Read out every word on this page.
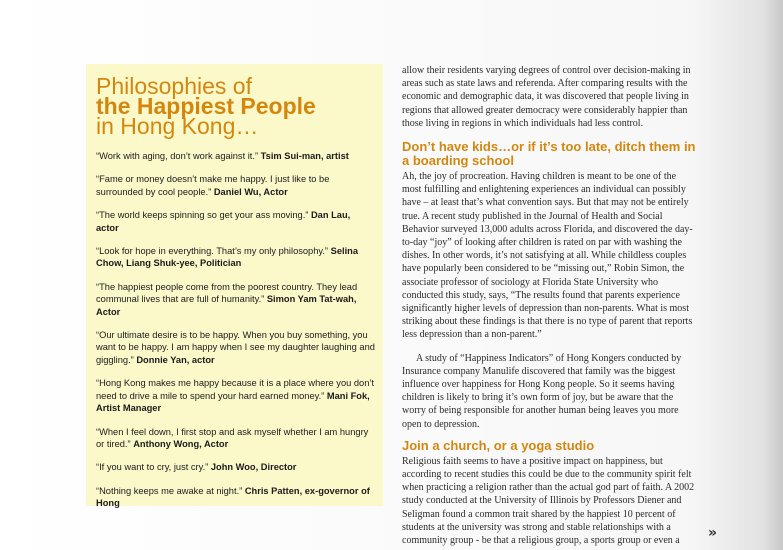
Philosophies of
the Happiest People
in Hong Kong…
“Work with aging, don’t work against it.” Tsim Sui-man, artist
“Fame or money doesn’t make me happy. I just like to be surrounded by cool people.” Daniel Wu, Actor
“The world keeps spinning so get your ass moving.” Dan Lau, actor
“Look for hope in everything. That’s my only philosophy.” Selina Chow, Liang Shuk-yee, Politician
“The happiest people come from the poorest country. They lead communal lives that are full of humanity.” Simon Yam Tat-wah, Actor
“Our ultimate desire is to be happy. When you buy something, you want to be happy. I am happy when I see my daughter laughing and giggling.” Donnie Yan, actor
“Hong Kong makes me happy because it is a place where you don’t need to drive a mile to spend your hard earned money.” Mani Fok, Artist Manager
“When I feel down, I first stop and ask myself whether I am hungry or tired.” Anthony Wong, Actor
“If you want to cry, just cry.” John Woo, Director
“Nothing keeps me awake at night.” Chris Patten, ex-governor of Hong

allow their residents varying degrees of control over decision-making in areas such as state laws and referenda. After comparing results with the economic and demographic data, it was discovered that people living in regions that allowed greater democracy were considerably happier than those living in regions in which individuals had less control.

Don’t have kids…or if it’s too late, ditch them in a boarding school

Ah, the joy of procreation. Having children is meant to be one of the most fulfilling and enlightening experiences an individual can possibly have – at least that’s what convention says. But that may not be entirely true. A recent study published in the Journal of Health and Social Behavior surveyed 13,000 adults across Florida, and discovered the day-to-day “joy” of looking after children is rated on par with washing the dishes. In other words, it’s not satisfying at all. While childless couples have popularly been considered to be “missing out,” Robin Simon, the associate professor of sociology at Florida State University who conducted this study, says, “The results found that parents experience significantly higher levels of depression than non-parents. What is most striking about these findings is that there is no type of parent that reports less depression than a non-parent.”

A study of “Happiness Indicators” of Hong Kongers conducted by Insurance company Manulife discovered that family was the biggest influence over happiness for Hong Kong people. So it seems having children is likely to bring it’s own form of joy, but be aware that the worry of being responsible for another human being leaves you more open to depression.

Join a church, or a yoga studio

Religious faith seems to have a positive impact on happiness, but according to recent studies this could be due to the community spirit felt when practicing a religion rather than the actual god part of faith. A 2002 study conducted at the University of Illinois by Professors Diener and Seligman found a common trait shared by the happiest 10 percent of students at the university was strong and stable relationships with a community group - be that a religious group, a sports group or even a	»
